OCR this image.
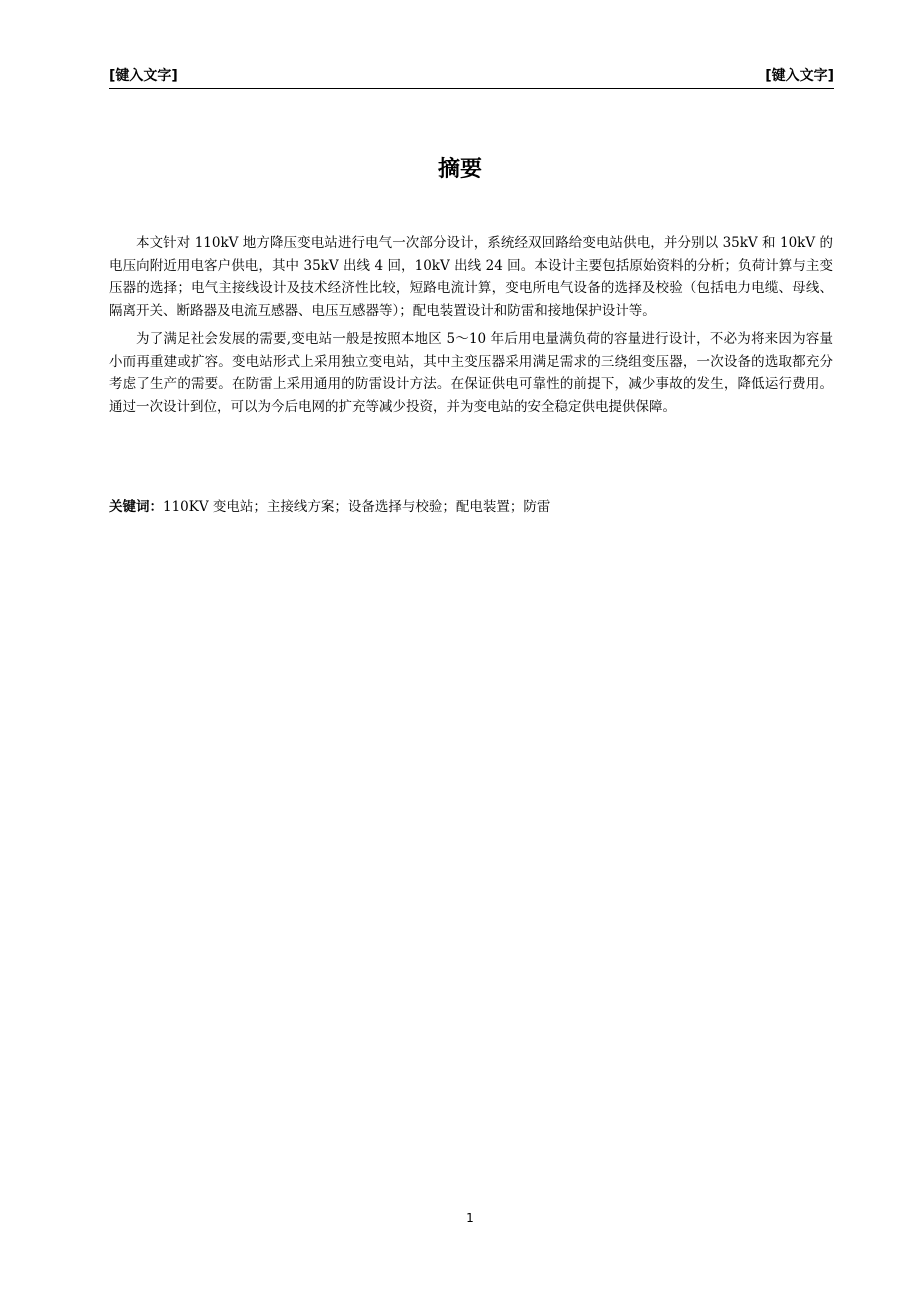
[键入文字]	[键入文字]
摘要

本文针对 110kV 地方降压变电站进行电气一次部分设计，系统经双回路给变电站供电，并分别以 35kV 和 10kV 的电压向附近用电客户供电，其中 35kV 出线 4 回，10kV 出线 24 回。本设计主要包括原始资料的分析；负荷计算与主变压器的选择；电气主接线设计及技术经济性比较，短路电流计算，变电所电气设备的选择及校验（包括电力电缆、母线、隔离开关、断路器及电流互感器、电压互感器等）；配电装置设计和防雷和接地保护设计等。

为了满足社会发展的需要,变电站一般是按照本地区 5～10 年后用电量满负荷的容量进行设计，不必为将来因为容量小而再重建或扩容。变电站形式上采用独立变电站，其中主变压器采用满足需求的三绕组变压器，一次设备的选取都充分考虑了生产的需要。在防雷上采用通用的防雷设计方法。在保证供电可靠性的前提下，减少事故的发生，降低运行费用。通过一次设计到位，可以为今后电网的扩充等减少投资，并为变电站的安全稳定供电提供保障。

关键词：110KV 变电站；主接线方案；设备选择与校验；配电装置；防雷
1
